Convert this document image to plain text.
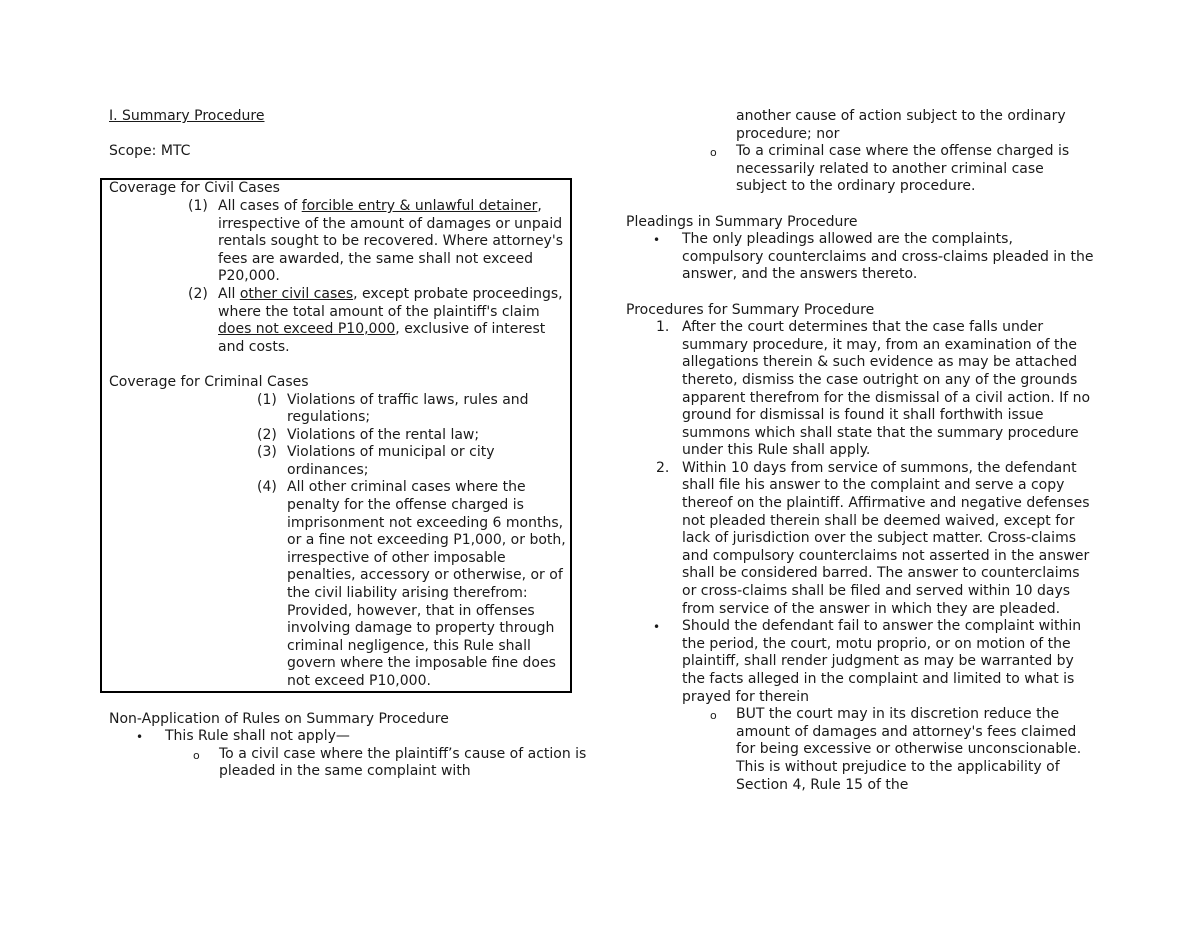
I. Summary Procedure

Scope: MTC

Coverage for Civil Cases

(1) All cases of forcible entry & unlawful detainer, irrespective of the amount of damages or unpaid rentals sought to be recovered. Where attorney's fees are awarded, the same shall not exceed P20,000.
(2) All other civil cases, except probate proceedings, where the total amount of the plaintiff's claim does not exceed P10,000, exclusive of interest and costs.

Coverage for Criminal Cases

(1) Violations of traffic laws, rules and regulations;
(2) Violations of the rental law;
(3) Violations of municipal or city ordinances;
(4) All other criminal cases where the penalty for the offense charged is imprisonment not exceeding 6 months, or a fine not exceeding P1,000, or both, irrespective of other imposable penalties, accessory or otherwise, or of the civil liability arising therefrom: Provided, however, that in offenses involving damage to property through criminal negligence, this Rule shall govern where the imposable fine does not exceed P10,000.

Non-Application of Rules on Summary Procedure

• This Rule shall not apply—
o To a civil case where the plaintiff’s cause of action is pleaded in the same complaint with
another cause of action subject to the ordinary procedure; nor
o To a criminal case where the offense charged is necessarily related to another criminal case subject to the ordinary procedure.

Pleadings in Summary Procedure

• The only pleadings allowed are the complaints, compulsory counterclaims and cross-claims pleaded in the answer, and the answers thereto.

Procedures for Summary Procedure

1. After the court determines that the case falls under summary procedure, it may, from an examination of the allegations therein & such evidence as may be attached thereto, dismiss the case outright on any of the grounds apparent therefrom for the dismissal of a civil action. If no ground for dismissal is found it shall forthwith issue summons which shall state that the summary procedure under this Rule shall apply.
2. Within 10 days from service of summons, the defendant shall file his answer to the complaint and serve a copy thereof on the plaintiff. Affirmative and negative defenses not pleaded therein shall be deemed waived, except for lack of jurisdiction over the subject matter. Cross-claims and compulsory counterclaims not asserted in the answer shall be considered barred. The answer to counterclaims or cross-claims shall be filed and served within 10 days from service of the answer in which they are pleaded.
• Should the defendant fail to answer the complaint within the period, the court, motu proprio, or on motion of the plaintiff, shall render judgment as may be warranted by the facts alleged in the complaint and limited to what is prayed for therein
o BUT the court may in its discretion reduce the amount of damages and attorney's fees claimed for being excessive or otherwise unconscionable. This is without prejudice to the applicability of Section 4, Rule 15 of the
